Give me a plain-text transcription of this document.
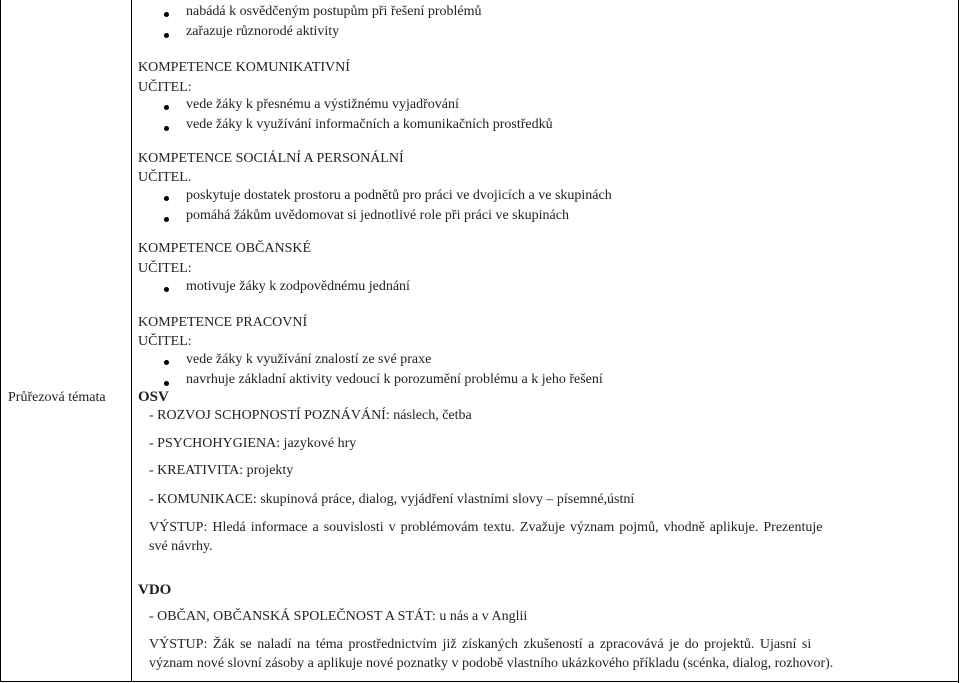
Průřezová témata
nabádá k osvědčeným postupům při řešení problémů
zařazuje různorodé aktivity
KOMPETENCE KOMUNIKATIVNÍ
UČITEL:
vede žáky k přesnému a výstižnému vyjadřování
vede žáky k využívání informačních a komunikačních prostředků
KOMPETENCE SOCIÁLNÍ A PERSONÁLNÍ
UČITEL.
poskytuje dostatek prostoru a podnětů pro práci ve dvojicích a ve skupinách
pomáhá žákům uvědomovat si jednotlivé role při práci ve skupinách
KOMPETENCE OBČANSKÉ
UČITEL:
motivuje žáky k zodpovědnému jednání
KOMPETENCE PRACOVNÍ
UČITEL:
vede žáky k využívání znalostí ze své praxe
navrhuje základní aktivity vedoucí k porozumění problému a k jeho řešení
OSV
- ROZVOJ SCHOPNOSTÍ POZNÁVÁNÍ: náslech, četba
- PSYCHOHYGIENA: jazykové hry
- KREATIVITA: projekty
- KOMUNIKACE: skupinová práce, dialog, vyjádření vlastními slovy – písemné,ústní
VÝSTUP: Hledá informace a souvislosti v problémovám textu. Zvažuje význam pojmů, vhodně aplikuje. Prezentuje
své návrhy.
VDO
- OBČAN, OBČANSKÁ SPOLEČNOST A STÁT: u nás a v Anglii
VÝSTUP: Žák se naladí na téma prostřednictvím již získaných zkušeností a zpracovává je do projektů. Ujasní si
význam nové slovní zásoby a aplikuje nové poznatky v podobě vlastního ukázkového příkladu (scénka, dialog, rozhovor).
